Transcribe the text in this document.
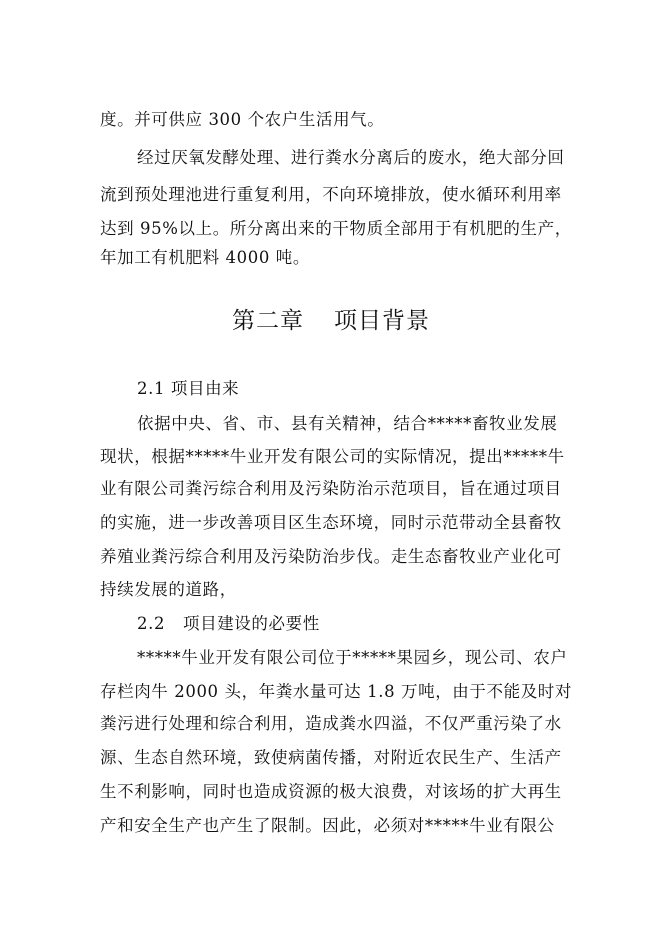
度。并可供应 300 个农户生活用气。
经过厌氧发酵处理、进行粪水分离后的废水，绝大部分回
流到预处理池进行重复利用，不向环境排放，使水循环利用率
达到 95%以上。所分离出来的干物质全部用于有机肥的生产，
年加工有机肥料 4000 吨。
第二章 项目背景
2.1 项目由来
依据中央、省、市、县有关精神，结合*****畜牧业发展
现状，根据*****牛业开发有限公司的实际情况，提出*****牛
业有限公司粪污综合利用及污染防治示范项目，旨在通过项目
的实施，进一步改善项目区生态环境，同时示范带动全县畜牧
养殖业粪污综合利用及污染防治步伐。走生态畜牧业产业化可
持续发展的道路，
2.2 项目建设的必要性
*****牛业开发有限公司位于*****果园乡，现公司、农户
存栏肉牛 2000 头，年粪水量可达 1.8 万吨，由于不能及时对
粪污进行处理和综合利用，造成粪水四溢，不仅严重污染了水
源、生态自然环境，致使病菌传播，对附近农民生产、生活产
生不利影响，同时也造成资源的极大浪费，对该场的扩大再生
产和安全生产也产生了限制。因此，必须对*****牛业有限公
